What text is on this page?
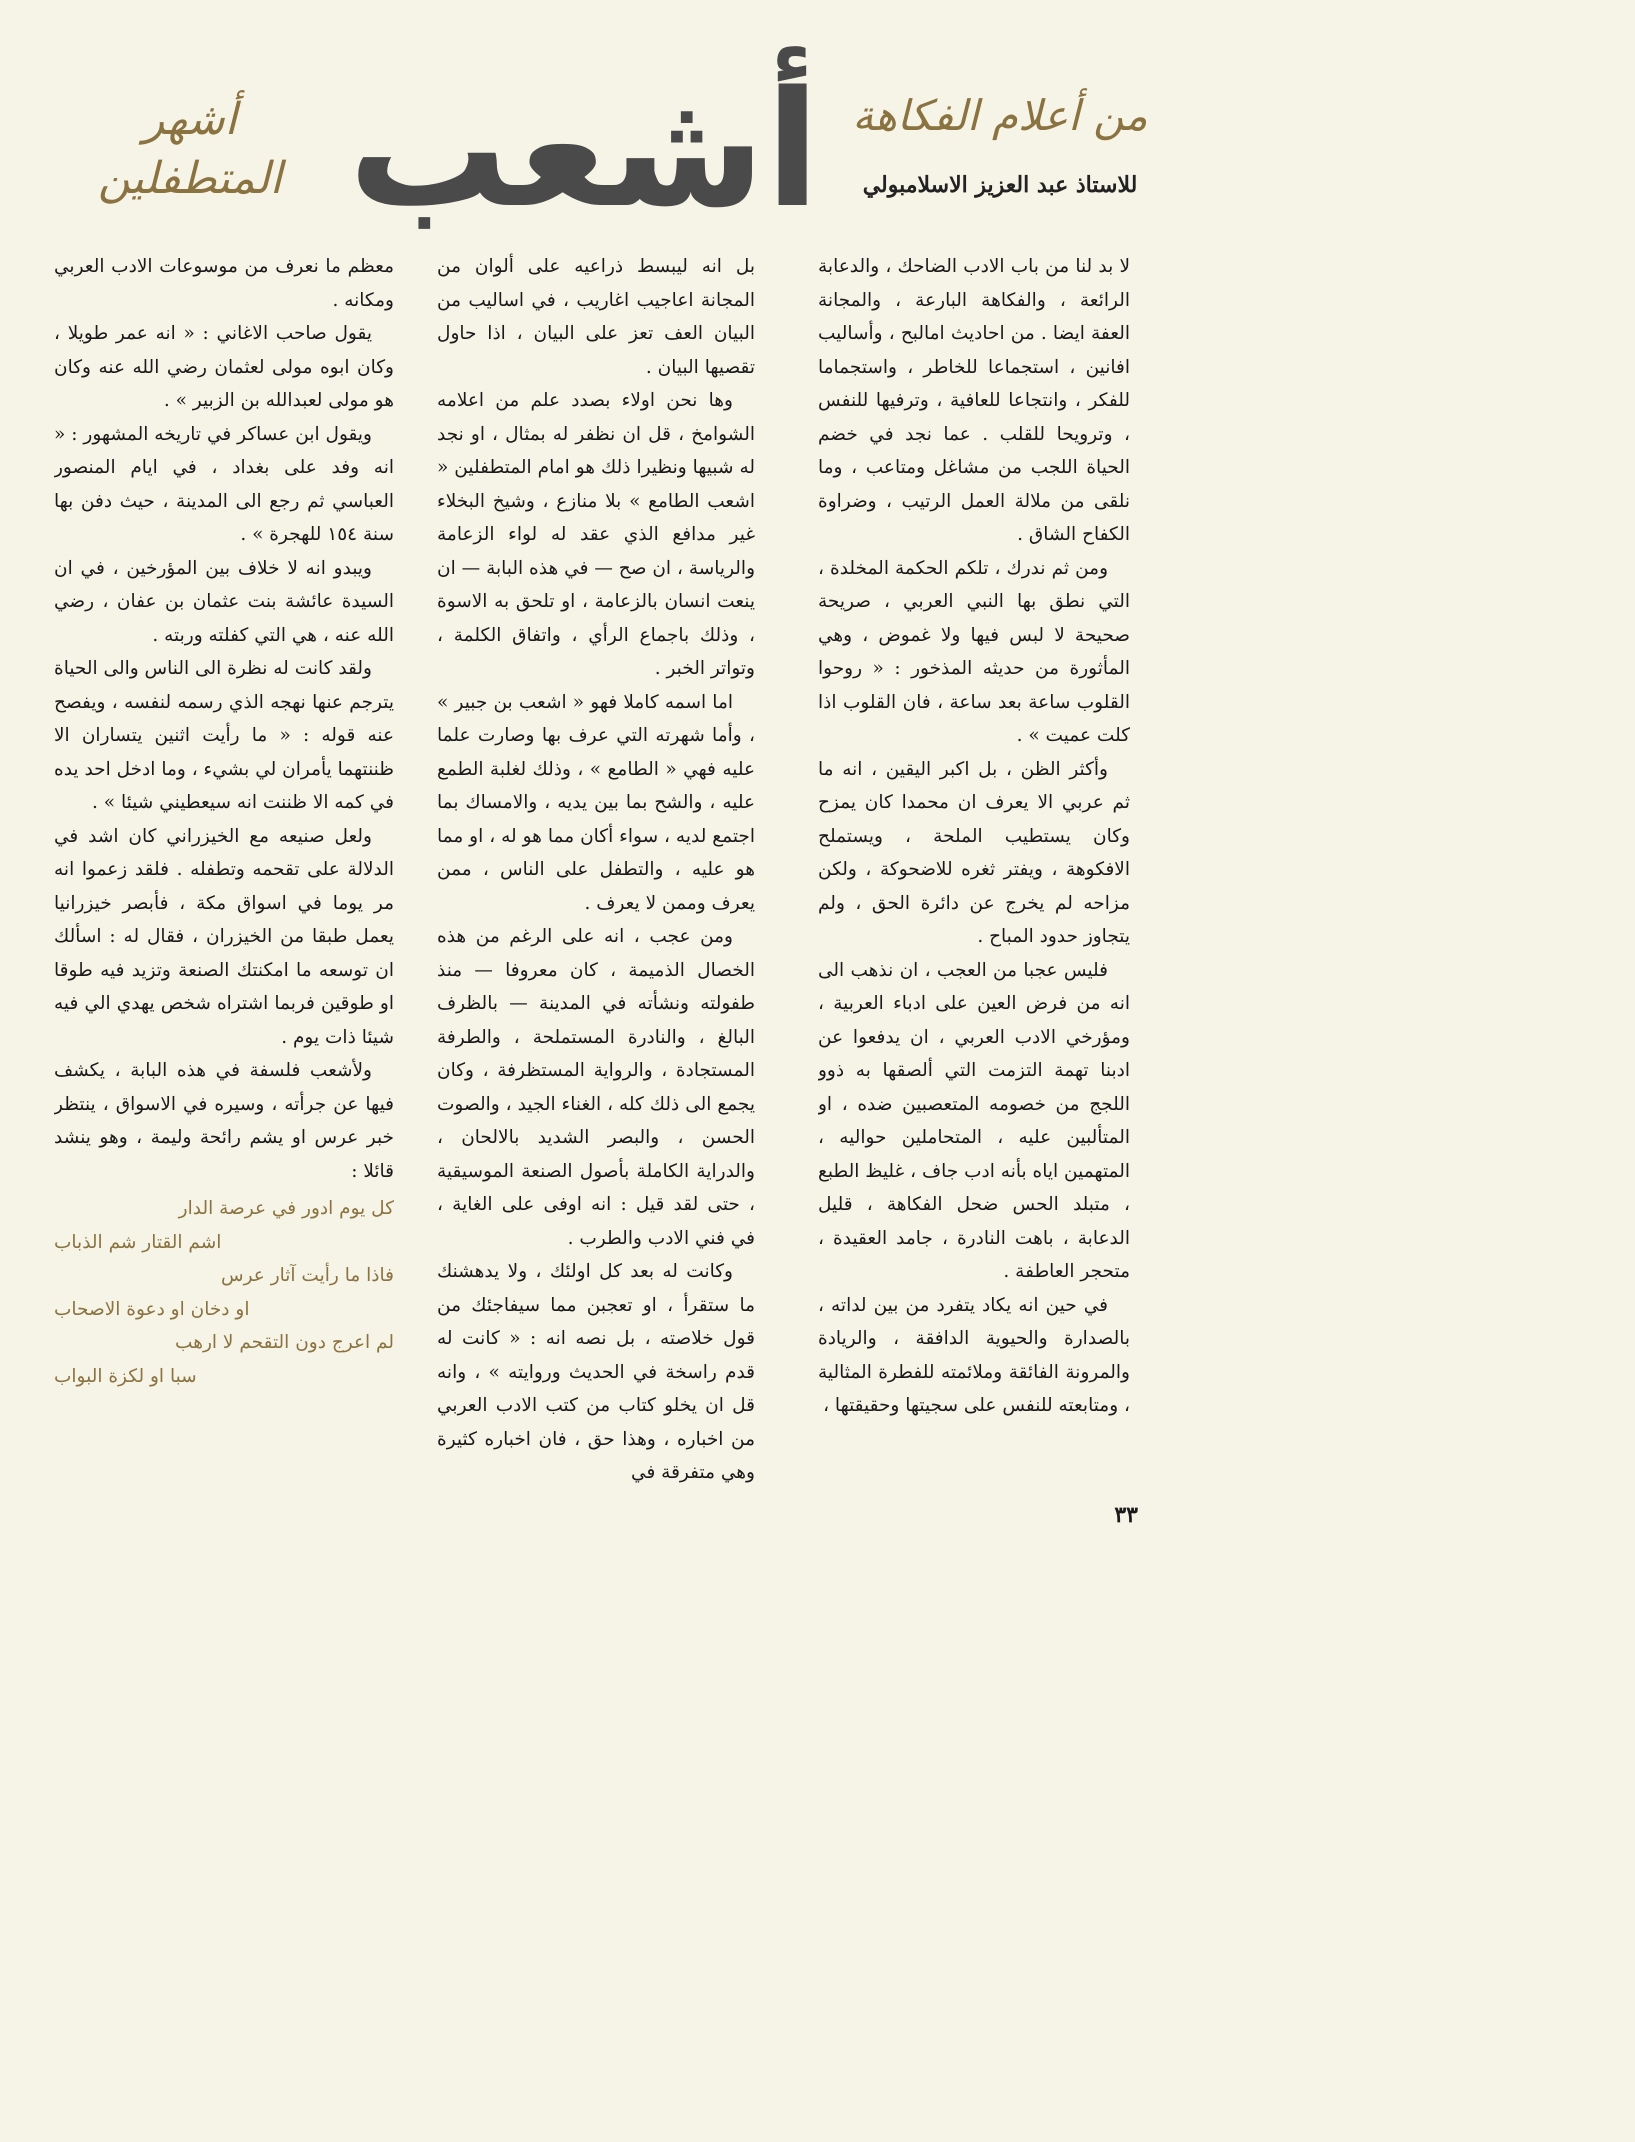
من أعلام الفكاهة
للاستاذ عبد العزيز الاسلامبولي
أشعب
أشهر
المتطفلين

لا بد لنا من باب الادب الضاحك ، والدعابة الرائعة ، والفكاهة البارعة ، والمجانة العفة ايضا . من احاديث امالبح ، وأساليب افانين ، استجماعا للخاطر ، واستجماما للفكر ، وانتجاعا للعافية ، وترفيها للنفس ، وترويحا للقلب . عما نجد في خضم الحياة اللجب من مشاغل ومتاعب ، وما نلقى من ملالة العمل الرتيب ، وضراوة الكفاح الشاق .

ومن ثم ندرك ، تلكم الحكمة المخلدة ، التي نطق بها النبي العربي ، صريحة صحيحة لا لبس فيها ولا غموض ، وهي المأثورة من حديثه المذخور : « روحوا القلوب ساعة بعد ساعة ، فان القلوب اذا كلت عميت » .

وأكثر الظن ، بل اكبر اليقين ، انه ما ثم عربي الا يعرف ان محمدا كان يمزح وكان يستطيب الملحة ، ويستملح الافكوهة ، ويفتر ثغره للاضحوكة ، ولكن مزاحه لم يخرج عن دائرة الحق ، ولم يتجاوز حدود المباح .

فليس عجبا من العجب ، ان نذهب الى انه من فرض العين على ادباء العربية ، ومؤرخي الادب العربي ، ان يدفعوا عن ادبنا تهمة التزمت التي ألصقها به ذوو اللجج من خصومه المتعصبين ضده ، او المتألبين عليه ، المتحاملين حواليه ، المتهمين اياه بأنه ادب جاف ، غليظ الطبع ، متبلد الحس ضحل الفكاهة ، قليل الدعابة ، باهت النادرة ، جامد العقيدة ، متحجر العاطفة .

في حين انه يكاد يتفرد من بين لداته ، بالصدارة والحيوية الدافقة ، والريادة والمرونة الفائقة وملائمته للفطرة المثالية ، ومتابعته للنفس على سجيتها وحقيقتها ،

بل انه ليبسط ذراعيه على ألوان من المجانة اعاجيب اغاريب ، في اساليب من البيان العف تعز على البيان ، اذا حاول تقصيها البيان .

وها نحن اولاء بصدد علم من اعلامه الشوامخ ، قل ان نظفر له بمثال ، او نجد له شبيها ونظيرا ذلك هو امام المتطفلين « اشعب الطامع » بلا منازع ، وشيخ البخلاء غير مدافع الذي عقد له لواء الزعامة والرياسة ، ان صح — في هذه البابة — ان ينعت انسان بالزعامة ، او تلحق به الاسوة ، وذلك باجماع الرأي ، واتفاق الكلمة ، وتواتر الخبر .

اما اسمه كاملا فهو « اشعب بن جبير » ، وأما شهرته التي عرف بها وصارت علما عليه فهي « الطامع » ، وذلك لغلبة الطمع عليه ، والشح بما بين يديه ، والامساك بما اجتمع لديه ، سواء أكان مما هو له ، او مما هو عليه ، والتطفل على الناس ، ممن يعرف وممن لا يعرف .

ومن عجب ، انه على الرغم من هذه الخصال الذميمة ، كان معروفا — منذ طفولته ونشأته في المدينة — بالظرف البالغ ، والنادرة المستملحة ، والطرفة المستجادة ، والرواية المستظرفة ، وكان يجمع الى ذلك كله ، الغناء الجيد ، والصوت الحسن ، والبصر الشديد بالالحان ، والدراية الكاملة بأصول الصنعة الموسيقية ، حتى لقد قيل : انه اوفى على الغاية ، في فني الادب والطرب .

وكانت له بعد كل اولئك ، ولا يدهشنك ما ستقرأ ، او تعجبن مما سيفاجئك من قول خلاصته ، بل نصه انه : « كانت له قدم راسخة في الحديث وروايته » ، وانه قل ان يخلو كتاب من كتب الادب العربي من اخباره ، وهذا حق ، فان اخباره كثيرة وهي متفرقة في

معظم ما نعرف من موسوعات الادب العربي ومكانه .

يقول صاحب الاغاني : « انه عمر طويلا ، وكان ابوه مولى لعثمان رضي الله عنه وكان هو مولى لعبدالله بن الزبير » .

ويقول ابن عساكر في تاريخه المشهور : « انه وفد على بغداد ، في ايام المنصور العباسي ثم رجع الى المدينة ، حيث دفن بها سنة ١٥٤ للهجرة » .

ويبدو انه لا خلاف بين المؤرخين ، في ان السيدة عائشة بنت عثمان بن عفان ، رضي الله عنه ، هي التي كفلته وربته .

ولقد كانت له نظرة الى الناس والى الحياة يترجم عنها نهجه الذي رسمه لنفسه ، ويفصح عنه قوله : « ما رأيت اثنين يتساران الا ظننتهما يأمران لي بشيء ، وما ادخل احد يده في كمه الا ظننت انه سيعطيني شيئا » .

ولعل صنيعه مع الخيزراني كان اشد في الدلالة على تقحمه وتطفله . فلقد زعموا انه مر يوما في اسواق مكة ، فأبصر خيزرانيا يعمل طبقا من الخيزران ، فقال له : اسألك ان توسعه ما امكنتك الصنعة وتزيد فيه طوقا او طوقين فربما اشتراه شخص يهدي الي فيه شيئا ذات يوم .

ولأشعب فلسفة في هذه البابة ، يكشف فيها عن جرأته ، وسيره في الاسواق ، ينتظر خبر عرس او يشم رائحة وليمة ، وهو ينشد قائلا :

كل يوم ادور في عرصة الدار
اشم القتار شم الذباب
فاذا ما رأيت آثار عرس
او دخان او دعوة الاصحاب
لم اعرج دون التقحم لا ارهب
سبا او لكزة البواب
٣٣
